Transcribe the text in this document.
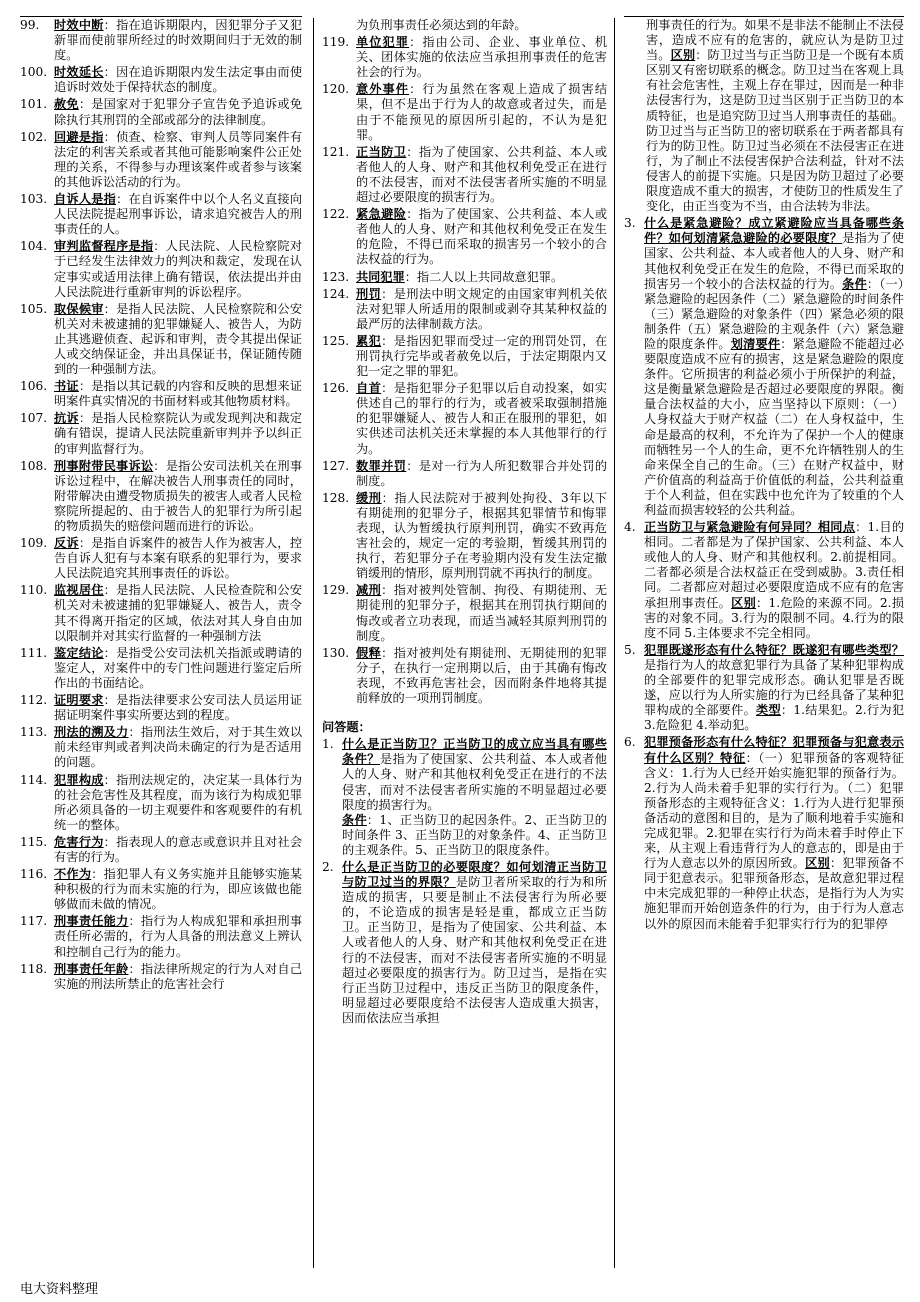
99.	时效中断：指在追诉期限内，因犯罪分子又犯新罪而使前罪所经过的时效期间归于无效的制度。
100. 时效延长：因在追诉期限内发生法定事由而使追诉时效处于保持状态的制度。
101. 赦免：是国家对于犯罪分子宣告免予追诉或免除执行其刑罚的全部或部分的法律制度。
102. 回避是指：侦查、检察、审判人员等同案件有法定的利害关系或者其他可能影响案件公正处理的关系，不得参与办理该案件或者参与该案的其他诉讼活动的行为。
103. 自诉人是指：在自诉案件中以个人名义直接向人民法院提起刑事诉讼，请求追究被告人的刑事责任的人。
104. 审判监督程序是指：人民法院、人民检察院对于已经发生法律效力的判决和裁定，发现在认定事实或适用法律上确有错误，依法提出并由人民法院进行重新审判的诉讼程序。
105. 取保候审：是指人民法院、人民检察院和公安机关对未被逮捕的犯罪嫌疑人、被告人，为防止其逃避侦查、起诉和审判，责令其提出保证人或交纳保证金，并出具保证书，保证随传随到的一种强制方法。
106. 书证：是指以其记载的内容和反映的思想来证明案件真实情况的书面材料或其他物质材料。
107. 抗诉：是指人民检察院认为或发现判决和裁定确有错误，提请人民法院重新审判并予以纠正的审判监督行为。
108. 刑事附带民事诉讼：是指公安司法机关在刑事诉讼过程中，在解决被告人刑事责任的同时，附带解决由遭受物质损失的被害人或者人民检察院所提起的、由于被告人的犯罪行为所引起的物质损失的赔偿问题而进行的诉讼。
109. 反诉：是指自诉案件的被告人作为被害人，控告自诉人犯有与本案有联系的犯罪行为，要求人民法院追究其刑事责任的诉讼。
110. 监视居住：是指人民法院、人民检查院和公安机关对未被逮捕的犯罪嫌疑人、被告人，责令其不得离开指定的区域，依法对其人身自由加以限制并对其实行监督的一种强制方法
111. 鉴定结论：是指受公安司法机关指派或聘请的鉴定人，对案件中的专门性问题进行鉴定后所作出的书面结论。
112. 证明要求：是指法律要求公安司法人员运用证据证明案件事实所要达到的程度。
113. 刑法的溯及力：指刑法生效后，对于其生效以前未经审判或者判决尚未确定的行为是否适用的问题。
114. 犯罪构成：指刑法规定的，决定某一具体行为的社会危害性及其程度，而为该行为构成犯罪所必须具备的一切主观要件和客观要件的有机统一的整体。
115. 危害行为：指表现人的意志或意识并且对社会有害的行为。
116. 不作为：指犯罪人有义务实施并且能够实施某种积极的行为而未实施的行为，即应该做也能够做而未做的情况。
117. 刑事责任能力：指行为人构成犯罪和承担刑事责任所必需的，行为人具备的刑法意义上辨认和控制自己行为的能力。
118. 刑事责任年龄：指法律所规定的行为人对自己实施的刑法所禁止的危害社会行
为负刑事责任必须达到的年龄。
119. 单位犯罪：指由公司、企业、事业单位、机关、团体实施的依法应当承担刑事责任的危害社会的行为。
120. 意外事件：行为虽然在客观上造成了损害结果，但不是出于行为人的故意或者过失，而是由于不能预见的原因所引起的，不认为是犯罪。
121. 正当防卫：指为了使国家、公共利益、本人或者他人的人身、财产和其他权利免受正在进行的不法侵害，而对不法侵害者所实施的不明显超过必要限度的损害行为。
122. 紧急避险：指为了使国家、公共利益、本人或者他人的人身、财产和其他权利免受正在发生的危险，不得已而采取的损害另一个较小的合法权益的行为。
123. 共同犯罪：指二人以上共同故意犯罪。
124. 刑罚：是刑法中明文规定的由国家审判机关依法对犯罪人所适用的限制或剥夺其某种权益的最严厉的法律制裁方法。
125. 累犯：是指因犯罪而受过一定的刑罚处罚，在刑罚执行完毕或者赦免以后，于法定期限内又犯一定之罪的罪犯。
126. 自首：是指犯罪分子犯罪以后自动投案，如实供述自己的罪行的行为，或者被采取强制措施的犯罪嫌疑人、被告人和正在服刑的罪犯，如实供述司法机关还未掌握的本人其他罪行的行为。
127. 数罪并罚：是对一行为人所犯数罪合并处罚的制度。
128. 缓刑：指人民法院对于被判处拘役、3年以下有期徒刑的犯罪分子，根据其犯罪情节和悔罪表现，认为暂缓执行原判刑罚，确实不致再危害社会的，规定一定的考验期，暂缓其刑罚的执行，若犯罪分子在考验期内没有发生法定撤销缓刑的情形，原判刑罚就不再执行的制度。
129. 减刑：指对被判处管制、拘役、有期徒刑、无期徒刑的犯罪分子，根据其在刑罚执行期间的悔改或者立功表现，而适当减轻其原判刑罚的制度。
130. 假释：指对被判处有期徒刑、无期徒刑的犯罪分子，在执行一定刑期以后，由于其确有悔改表现，不致再危害社会，因而附条件地将其提前释放的一项刑罚制度。
问答题：
1. 什么是正当防卫？正当防卫的成立应当具有哪些条件？是指为了使国家、公共利益、本人或者他人的人身、财产和其他权利免受正在进行的不法侵害，而对不法侵害者所实施的不明显超过必要限度的损害行为。
条件：1、正当防卫的起因条件。2、正当防卫的时间条件 3、正当防卫的对象条件。4、正当防卫的主观条件。5、正当防卫的限度条件。
2. 什么是正当防卫的必要限度？如何划清正当防卫与防卫过当的界限？是防卫者所采取的行为和所造成的损害，只要是制止不法侵害行为所必要的，不论造成的损害是轻是重，都成立正当防卫。正当防卫，是指为了使国家、公共利益、本人或者他人的人身、财产和其他权利免受正在进行的不法侵害，而对不法侵害者所实施的不明显超过必要限度的损害行为。防卫过当，是指在实行正当防卫过程中，违反正当防卫的限度条件，明显超过必要限度给不法侵害人造成重大损害，因而依法应当承担
刑事责任的行为。如果不是非法不能制止不法侵害，造成不应有的危害的，就应认为是防卫过当。区别：防卫过当与正当防卫是一个既有本质区别又有密切联系的概念。防卫过当在客观上具有社会危害性，主观上存在罪过，因而是一种非法侵害行为，这是防卫过当区别于正当防卫的本质特征，也是追究防卫过当人刑事责任的基础。防卫过当与正当防卫的密切联系在于两者都具有行为的防卫性。防卫过当必须在不法侵害正在进行，为了制止不法侵害保护合法利益，针对不法侵害人的前提下实施。只是因为防卫超过了必要限度造成不重大的损害，才使防卫的性质发生了变化，由正当变为不当，由合法转为非法。
3. 什么是紧急避险？成立紧避险应当具备哪些条件？如何划清紧急避险的必要限度？是指为了使国家、公共利益、本人或者他人的人身、财产和其他权利免受正在发生的危险，不得已而采取的损害另一个较小的合法权益的行为。条件：（一）紧急避险的起因条件（二）紧急避险的时间条件（三）紧急避险的对象条件（四）紧急必须的限制条件（五）紧急避险的主观条件（六）紧急避险的限度条件。划清要件：紧急避险不能超过必要限度造成不应有的损害，这是紧急避险的限度条件。它所损害的利益必须小于所保护的利益，这是衡量紧急避险是否超过必要限度的界限。衡量合法权益的大小，应当坚持以下原则：（一）人身权益大于财产权益（二）在人身权益中，生命是最高的权利，不允许为了保护一个人的健康而牺牲另一个人的生命，更不允许牺牲别人的生命来保全自己的生命。（三）在财产权益中，财产价值高的利益高于价值低的利益，公共利益重于个人利益，但在实践中也允许为了较重的个人利益而损害较轻的公共利益。
4. 正当防卫与紧急避险有何异同？相同点：1.目的相同。二者都是为了保护国家、公共利益、本人或他人的人身、财产和其他权利。2.前提相同。二者都必须是合法权益正在受到威胁。3.责任相同。二者都应对超过必要限度造成不应有的危害承担刑事责任。区别：1.危险的来源不同。2.损害的对象不同。3.行为的限制不同。4.行为的限度不同 5.主体要求不完全相同。
5. 犯罪既遂形态有什么特征？既遂犯有哪些类型？是指行为人的故意犯罪行为具备了某种犯罪构成的全部要件的犯罪完成形态。确认犯罪是否既遂，应以行为人所实施的行为已经具备了某种犯罪构成的全部要件。类型：1.结果犯。2.行为犯 3.危险犯 4.举动犯。
6. 犯罪预备形态有什么特征？犯罪预备与犯意表示有什么区别？特征：（一）犯罪预备的客观特征含义：1.行为人已经开始实施犯罪的预备行为。2.行为人尚未着手犯罪的实行行为。（二）犯罪预备形态的主观特征含义：1.行为人进行犯罪预备活动的意图和目的，是为了顺利地着手实施和完成犯罪。2.犯罪在实行行为尚未着手时停止下来，从主观上看违背行为人的意志的，即是由于行为人意志以外的原因所致。区别：犯罪预备不同于犯意表示。犯罪预备形态，是故意犯罪过程中未完成犯罪的一种停止状态，是指行为人为实施犯罪而开始创造条件的行为，由于行为人意志以外的原因而未能着手犯罪实行行为的犯罪停
电大资料整理
